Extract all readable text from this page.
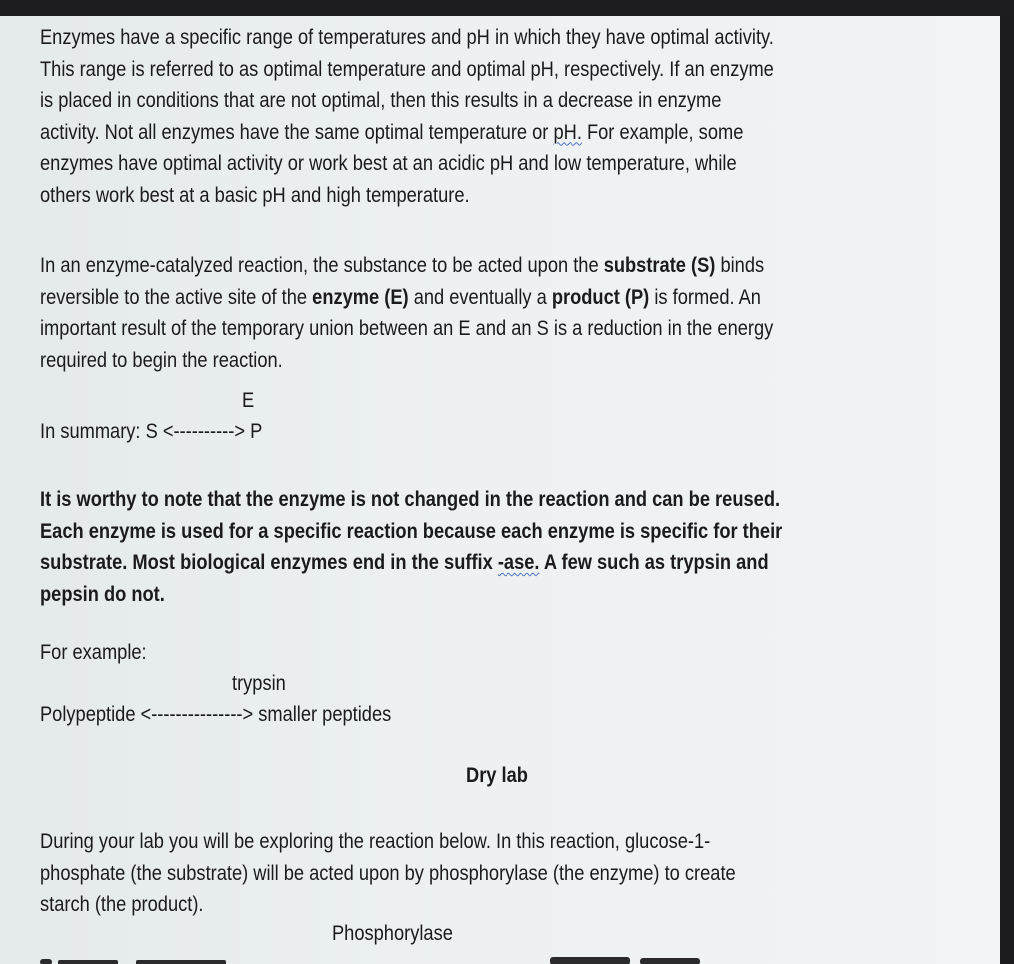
Enzymes have a specific range of temperatures and pH in which they have optimal activity.
This range is referred to as optimal temperature and optimal pH, respectively. If an enzyme
is placed in conditions that are not optimal, then this results in a decrease in enzyme
activity. Not all enzymes have the same optimal temperature or pH. For example, some
enzymes have optimal activity or work best at an acidic pH and low temperature, while
others work best at a basic pH and high temperature.
In an enzyme-catalyzed reaction, the substance to be acted upon the substrate (S) binds
reversible to the active site of the enzyme (E) and eventually a product (P) is formed. An
important result of the temporary union between an E and an S is a reduction in the energy
required to begin the reaction.
E
In summary: S <----------> P
It is worthy to note that the enzyme is not changed in the reaction and can be reused.
Each enzyme is used for a specific reaction because each enzyme is specific for their
substrate. Most biological enzymes end in the suffix -ase. A few such as trypsin and
pepsin do not.
For example:
trypsin
Polypeptide <---------------> smaller peptides
Dry lab
During your lab you will be exploring the reaction below. In this reaction, glucose-1-
phosphate (the substrate) will be acted upon by phosphorylase (the enzyme) to create
starch (the product).
Phosphorylase
